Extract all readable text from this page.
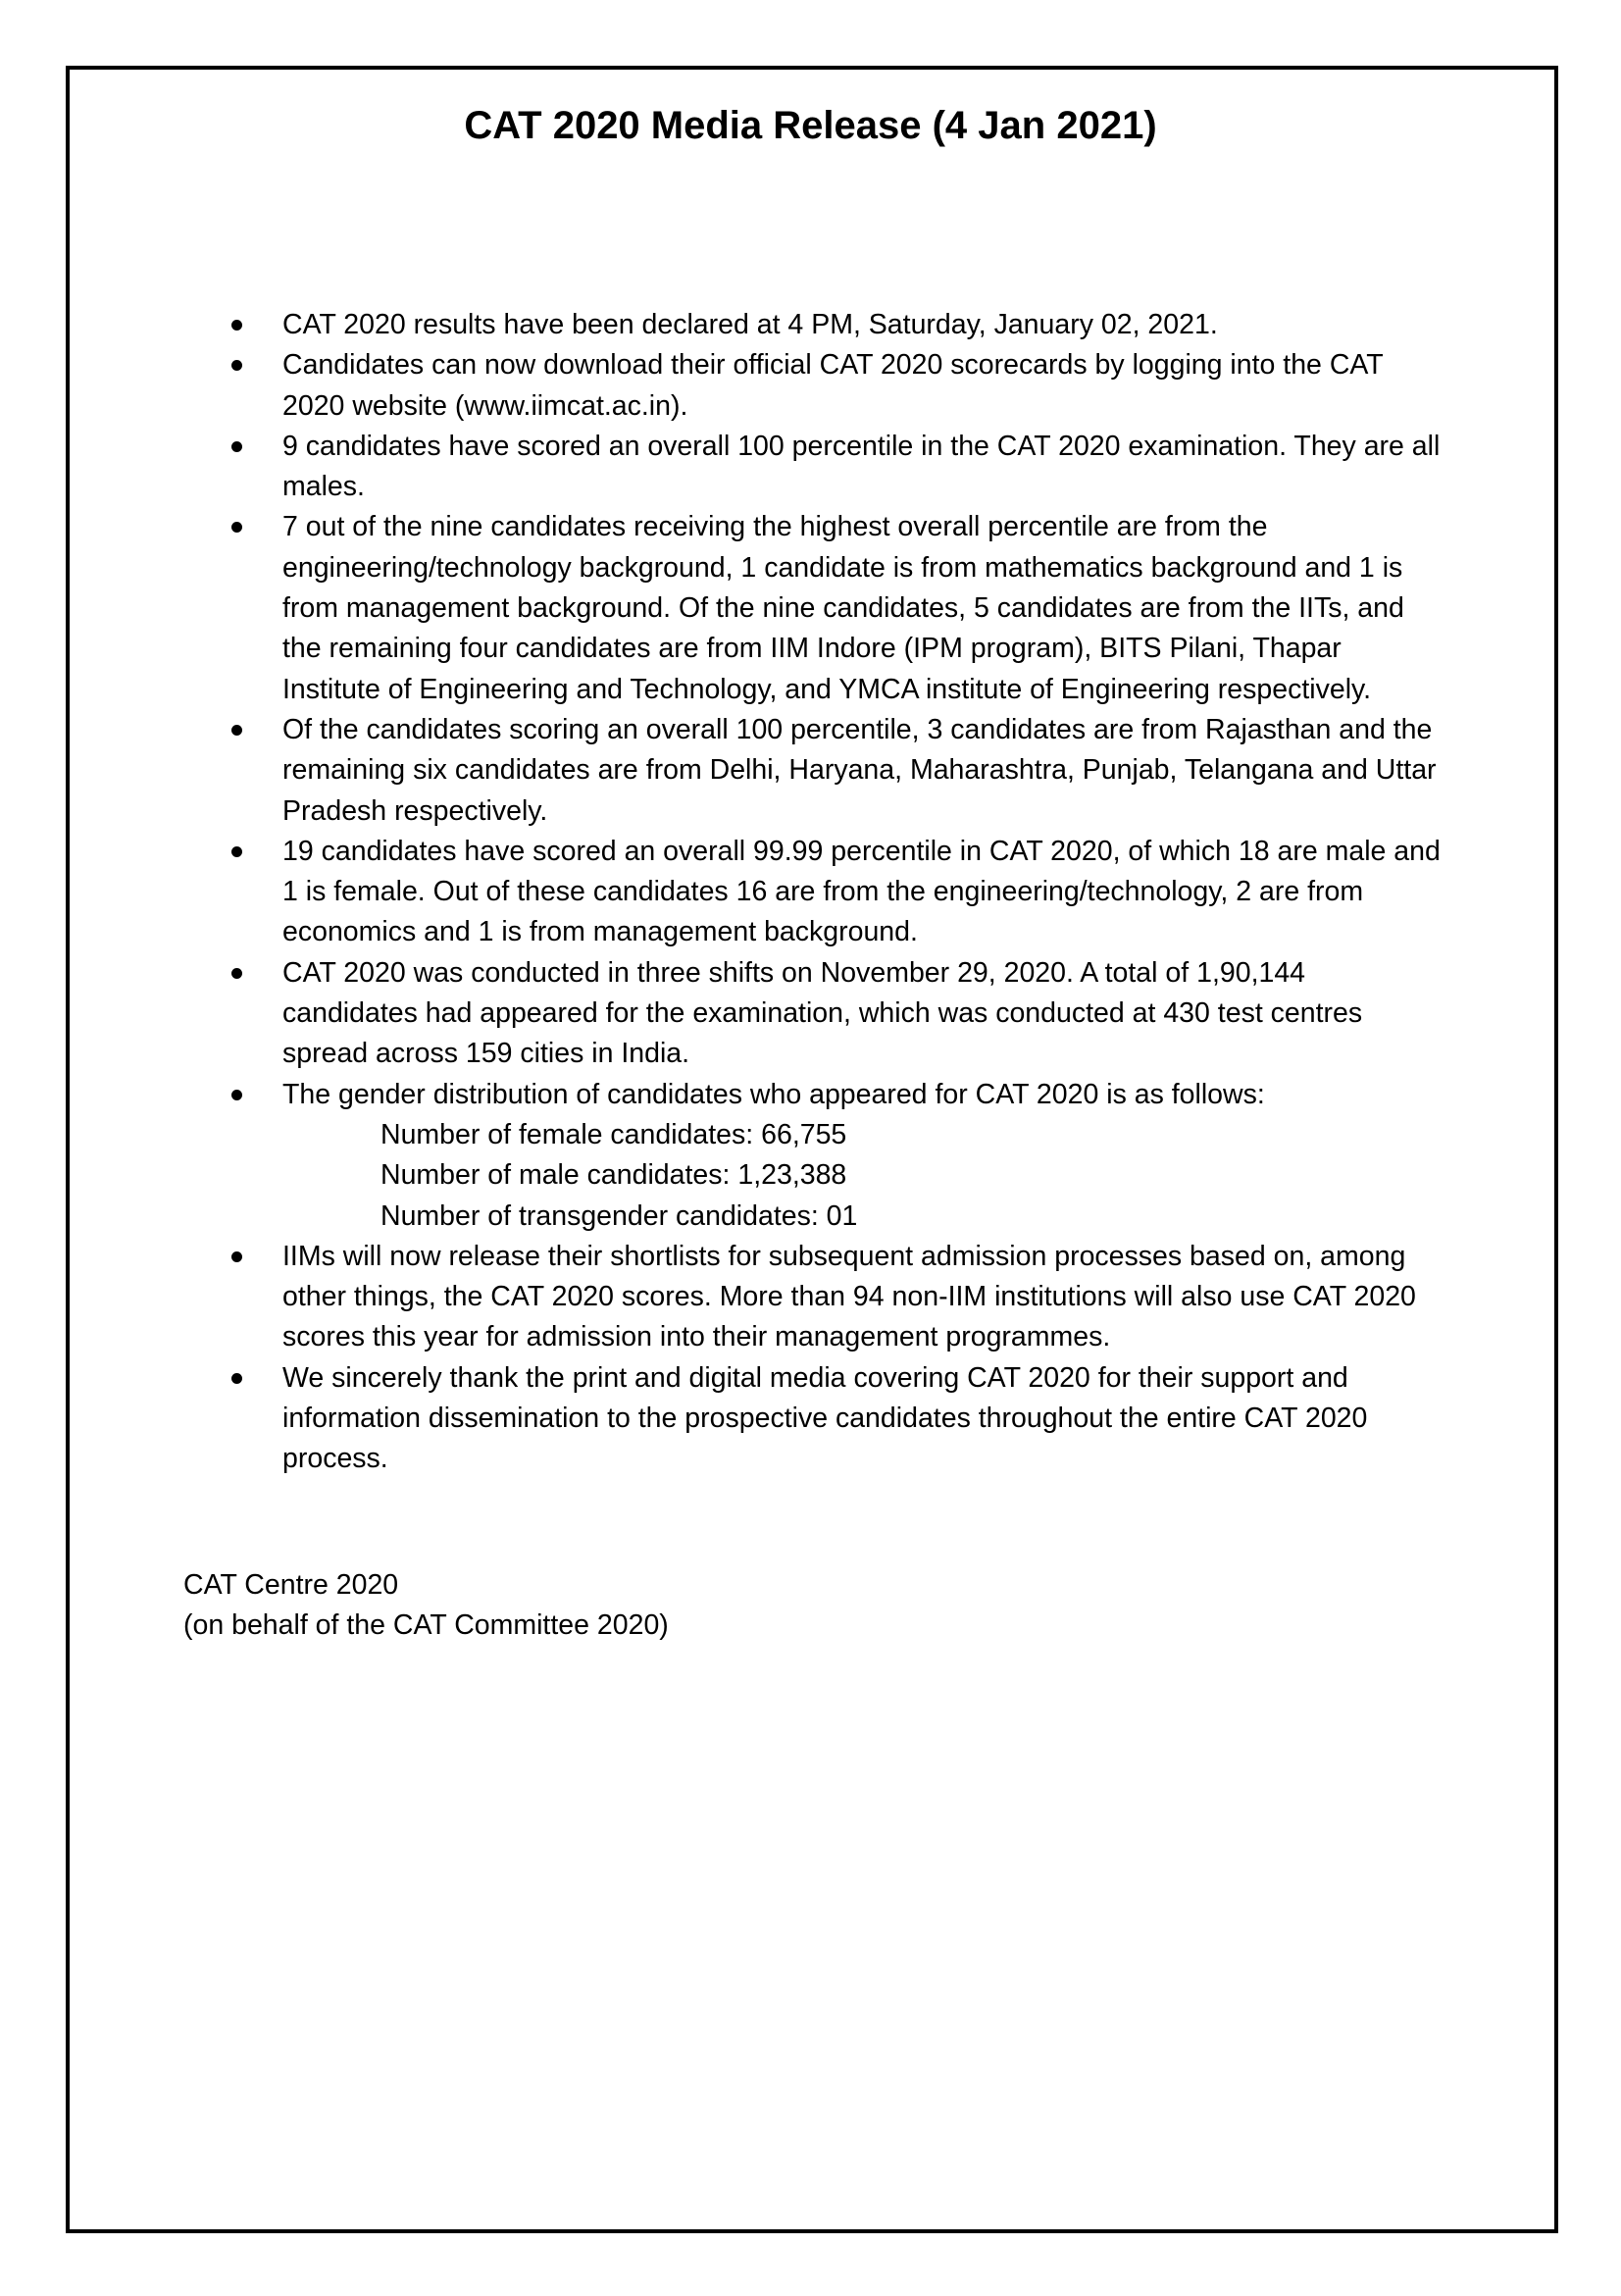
CAT 2020 Media Release (4 Jan 2021)
CAT 2020 results have been declared at 4 PM, Saturday, January 02, 2021.
Candidates can now download their official CAT 2020 scorecards by logging into the CAT
2020 website (www.iimcat.ac.in).
9 candidates have scored an overall 100 percentile in the CAT 2020 examination. They are all
males.
7 out of the nine candidates receiving the highest overall percentile are from the
engineering/technology background, 1 candidate is from mathematics background and 1 is
from management background. Of the nine candidates, 5 candidates are from the IITs, and
the remaining four candidates are from IIM Indore (IPM program), BITS Pilani, Thapar
Institute of Engineering and Technology, and YMCA institute of Engineering respectively.
Of the candidates scoring an overall 100 percentile, 3 candidates are from Rajasthan and the
remaining six candidates are from Delhi, Haryana, Maharashtra, Punjab, Telangana and Uttar
Pradesh respectively.
19 candidates have scored an overall 99.99 percentile in CAT 2020, of which 18 are male and
1 is female. Out of these candidates 16 are from the engineering/technology, 2 are from
economics and 1 is from management background.
CAT 2020 was conducted in three shifts on November 29, 2020. A total of 1,90,144
candidates had appeared for the examination, which was conducted at 430 test centres
spread across 159 cities in India.
The gender distribution of candidates who appeared for CAT 2020 is as follows:
Number of female candidates: 66,755
Number of male candidates: 1,23,388
Number of transgender candidates: 01
IIMs will now release their shortlists for subsequent admission processes based on, among
other things, the CAT 2020 scores. More than 94 non-IIM institutions will also use CAT 2020
scores this year for admission into their management programmes.
We sincerely thank the print and digital media covering CAT 2020 for their support and
information dissemination to the prospective candidates throughout the entire CAT 2020
process.
CAT Centre 2020
(on behalf of the CAT Committee 2020)
